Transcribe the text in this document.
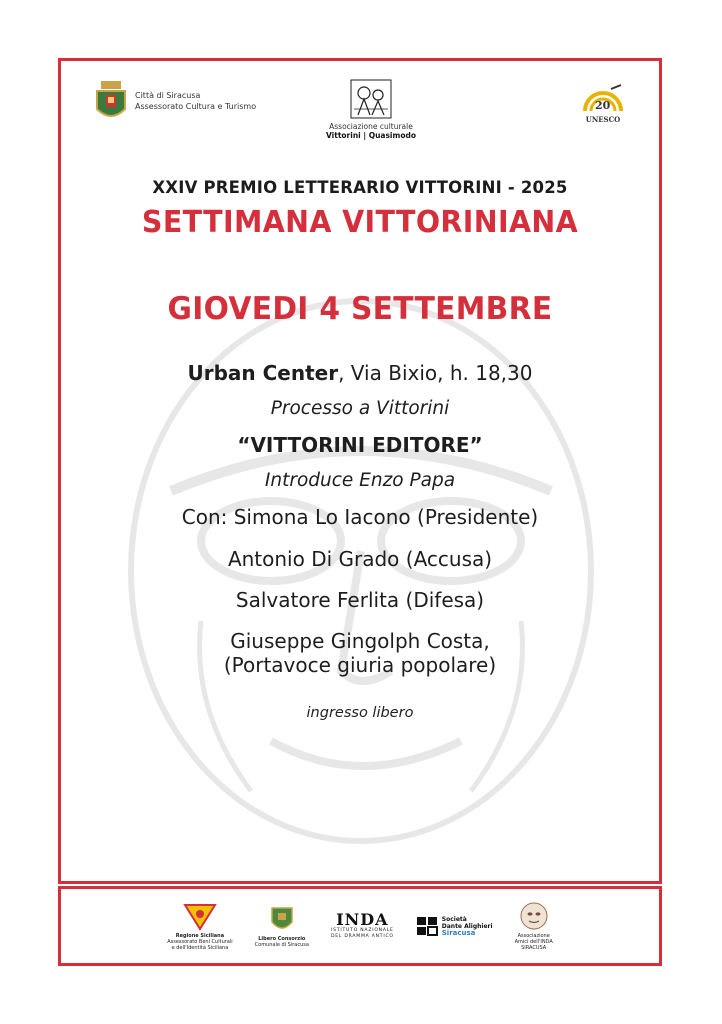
Città di Siracusa
Assessorato Cultura e Turismo
Associazione culturale
Vittorini | Quasimodo
20
UNESCO
XXIV PREMIO LETTERARIO VITTORINI - 2025
SETTIMANA VITTORINIANA
GIOVEDI 4 SETTEMBRE
Urban Center, Via Bixio, h. 18,30
Processo a Vittorini
“VITTORINI EDITORE”
Introduce Enzo Papa
Con: Simona Lo Iacono (Presidente)
Antonio Di Grado (Accusa)
Salvatore Ferlita (Difesa)
Giuseppe Gingolph Costa,
(Portavoce giuria popolare)
ingresso libero
Regione Siciliana
Assessorato Beni Culturali
e dell'Identità Siciliana
Libero Consorzio
Comunale di Siracusa
INDA
ISTITUTO NAZIONALE
DEL DRAMMA ANTICO
Società
Dante Alighieri
Siracusa	Associazione
Amici dell'INDA
SIRACUSA
